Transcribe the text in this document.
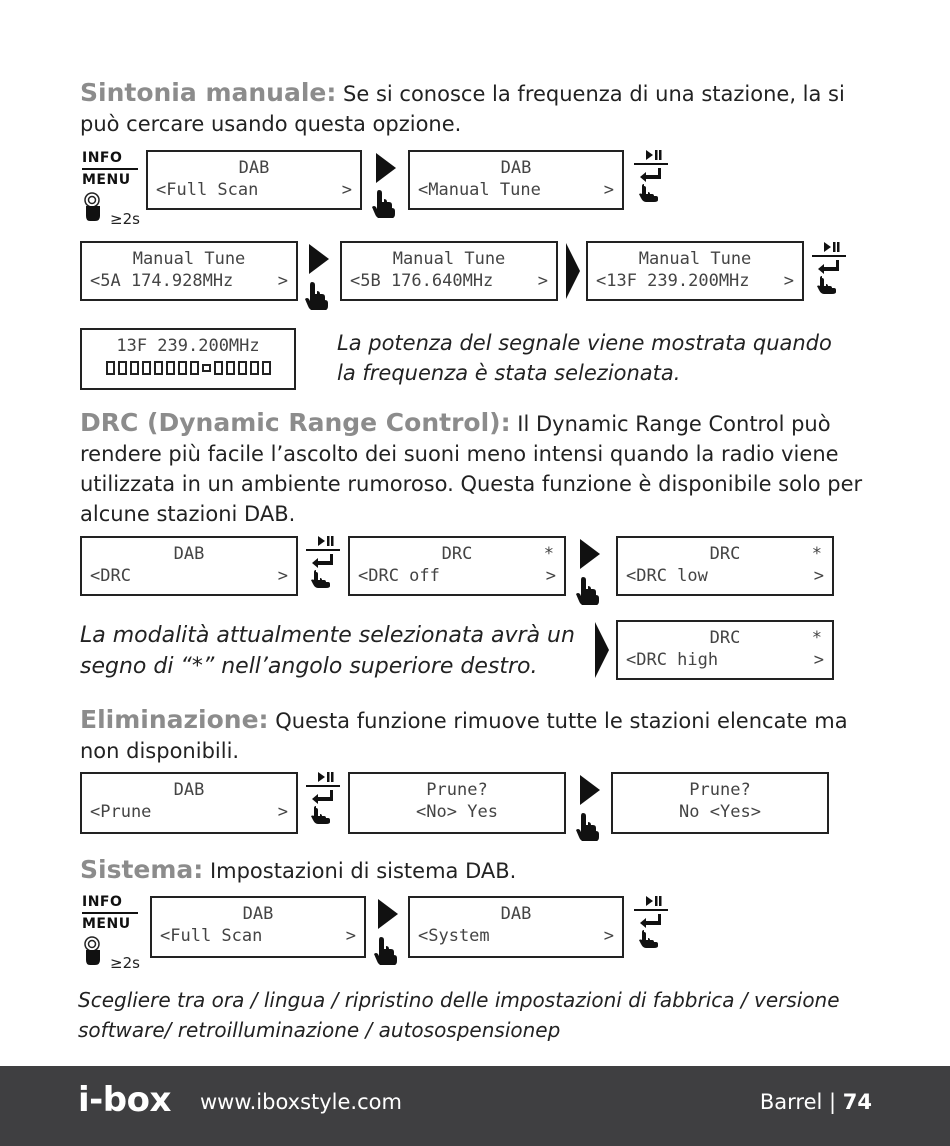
Sintonia manuale: Se si conosce la frequenza di una stazione, la si può cercare usando questa opzione.
INFO
MENU
≥2s
DAB
<Full Scan	>
DAB
<Manual Tune	>
Manual Tune
<5A 174.928MHz	>
Manual Tune
<5B 176.640MHz	>
Manual Tune
<13F 239.200MHz >
13F 239.200MHz	La potenza del segnale viene mostrata quando la frequenza è stata selezionata.
DRC (Dynamic Range Control): Il Dynamic Range Control può rendere più facile l’ascolto dei suoni meno intensi quando la radio viene utilizzata in un ambiente rumoroso. Questa funzione è disponibile solo per alcune stazioni DAB.
DAB
<DRC	>
DRC	*
<DRC off	>
DRC	*
<DRC low	>
La modalità attualmente selezionata avrà un segno di “*” nell’angolo superiore destro.
DRC	*
<DRC high	>
Eliminazione: Questa funzione rimuove tutte le stazioni elencate ma non disponibili.
DAB
<Prune	>
Prune?
<No> Yes
Prune?
No <Yes>
Sistema: Impostazioni di sistema DAB.
INFO
MENU
≥2s
DAB
<Full Scan	>
DAB
<System	>
Scegliere tra ora / lingua / ripristino delle impostazioni di fabbrica / versione software/ retroilluminazione / autosospensionep
i-box www.iboxstyle.com	Barrel | 74
